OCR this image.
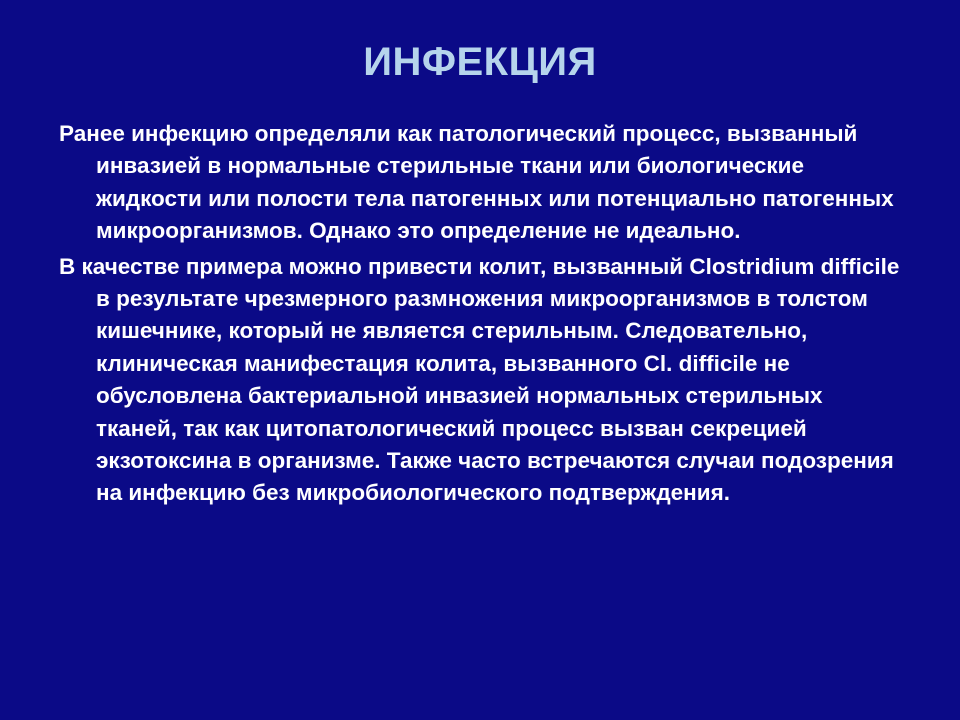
ИНФЕКЦИЯ

Ранее инфекцию определяли как патологический процесс, вызванный инвазией в нормальные стерильные ткани или биологические жидкости или полости тела патогенных или потенциально патогенных микроорганизмов. Однако это определение не идеально.

В качестве примера можно привести колит, вызванный Clostridium difficile в результате чрезмерного размножения микроорганизмов в толстом кишечнике, который не является стерильным. Следовательно, клиническая манифестация колита, вызванного Cl. difficile не обусловлена бактериальной инвазией нормальных стерильных тканей, так как цитопатологический процесс вызван секрецией экзотоксина в организме. Также часто встречаются случаи подозрения на инфекцию без микробиологического подтверждения.
